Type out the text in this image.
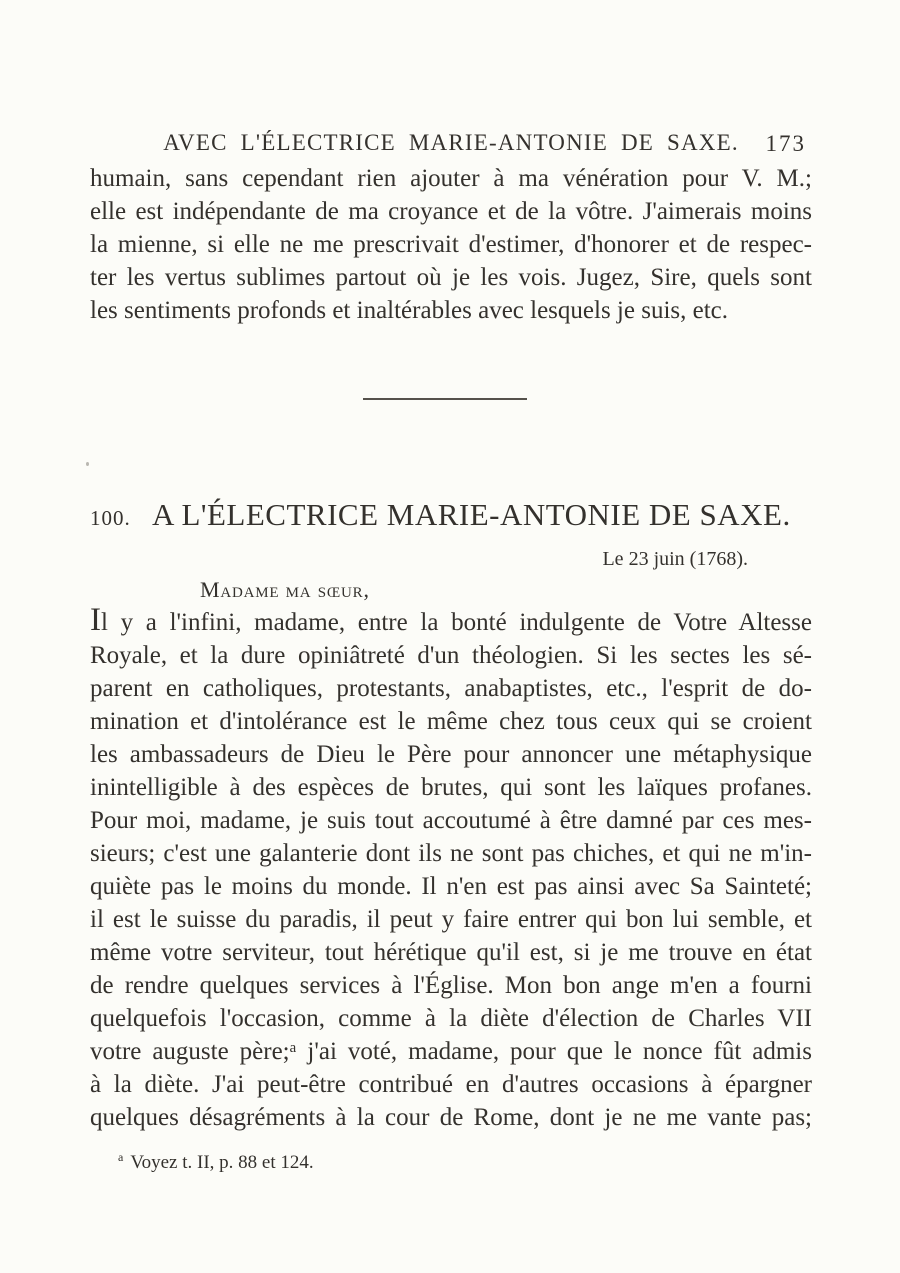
AVEC L'ÉLECTRICE MARIE-ANTONIE DE SAXE. 173
humain, sans cependant rien ajouter à ma vénération pour V. M.;
elle est indépendante de ma croyance et de la vôtre. J'aimerais moins
la mienne, si elle ne me prescrivait d'estimer, d'honorer et de respec-
ter les vertus sublimes partout où je les vois. Jugez, Sire, quels sont
les sentiments profonds et inaltérables avec lesquels je suis, etc.
100. A L'ÉLECTRICE MARIE-ANTONIE DE SAXE.
Le 23 juin (1768).
Madame ma sœur,
Il y a l'infini, madame, entre la bonté indulgente de Votre Altesse
Royale, et la dure opiniâtreté d'un théologien. Si les sectes les sé-
parent en catholiques, protestants, anabaptistes, etc., l'esprit de do-
mination et d'intolérance est le même chez tous ceux qui se croient
les ambassadeurs de Dieu le Père pour annoncer une métaphysique
inintelligible à des espèces de brutes, qui sont les laïques profanes.
Pour moi, madame, je suis tout accoutumé à être damné par ces mes-
sieurs; c'est une galanterie dont ils ne sont pas chiches, et qui ne m'in-
quiète pas le moins du monde. Il n'en est pas ainsi avec Sa Sainteté;
il est le suisse du paradis, il peut y faire entrer qui bon lui semble, et
même votre serviteur, tout hérétique qu'il est, si je me trouve en état
de rendre quelques services à l'Église. Mon bon ange m'en a fourni
quelquefois l'occasion, comme à la diète d'élection de Charles VII
votre auguste père;ᵃ j'ai voté, madame, pour que le nonce fût admis
à la diète. J'ai peut-être contribué en d'autres occasions à épargner
quelques désagréments à la cour de Rome, dont je ne me vante pas;
$^a$ Voyez t. II, p. 88 et 124.
